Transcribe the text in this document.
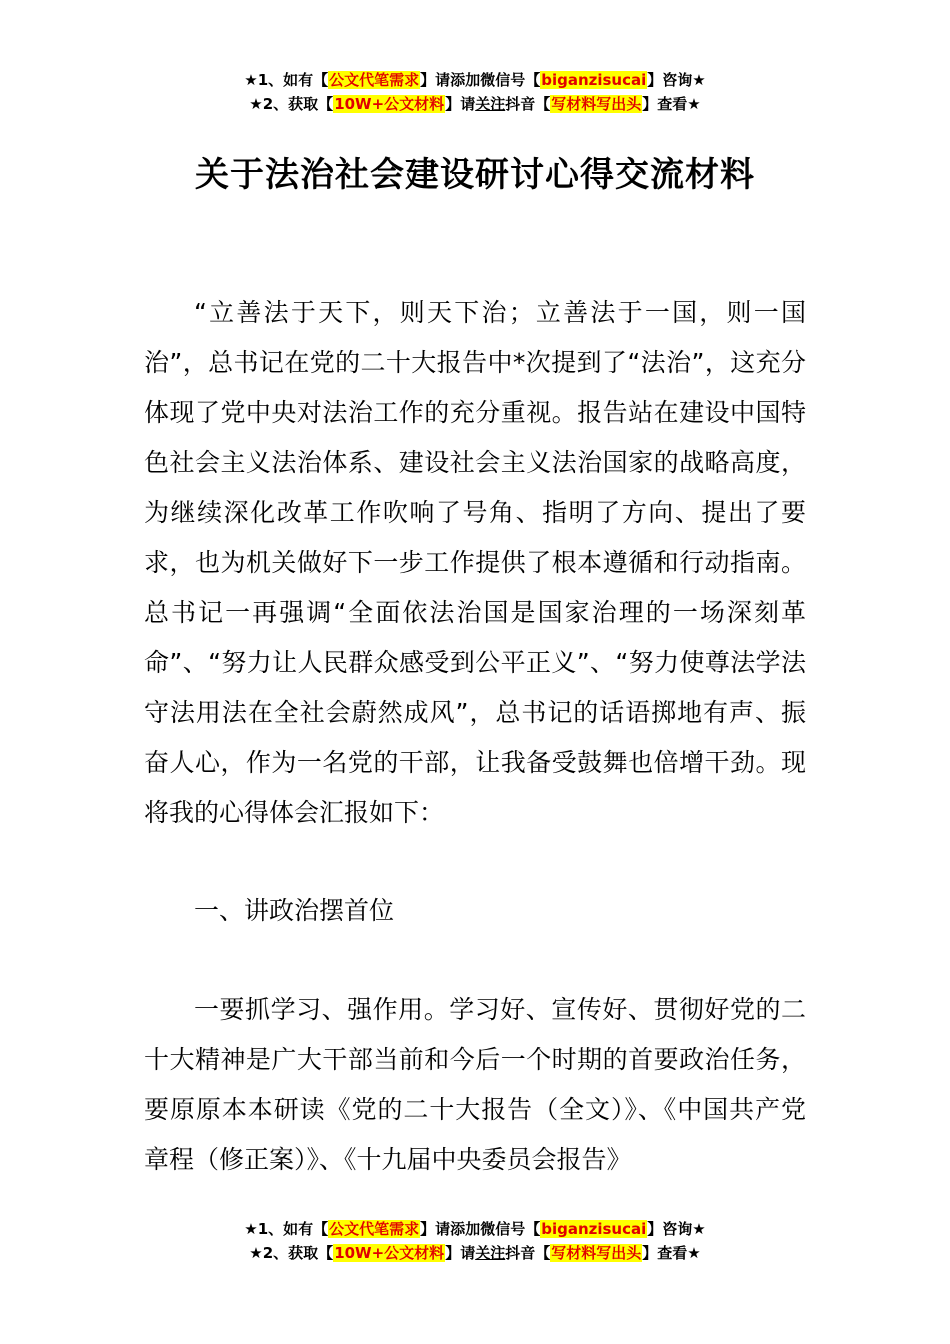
★1、如有【公文代笔需求】请添加微信号【biganzisucai】咨询★
★2、获取【10W+公文材料】请关注抖音【写材料写出头】查看★
关于法治社会建设研讨心得交流材料

“立善法于天下，则天下治；立善法于一国，则一国治”，总书记在党的二十大报告中*次提到了“法治”，这充分体现了党中央对法治工作的充分重视。报告站在建设中国特色社会主义法治体系、建设社会主义法治国家的战略高度，为继续深化改革工作吹响了号角、指明了方向、提出了要求，也为机关做好下一步工作提供了根本遵循和行动指南。总书记一再强调“全面依法治国是国家治理的一场深刻革命”、“努力让人民群众感受到公平正义”、“努力使尊法学法守法用法在全社会蔚然成风”，总书记的话语掷地有声、振奋人心，作为一名党的干部，让我备受鼓舞也倍增干劲。现将我的心得体会汇报如下：

一、讲政治摆首位

一要抓学习、强作用。学习好、宣传好、贯彻好党的二十大精神是广大干部当前和今后一个时期的首要政治任务，要原原本本研读《党的二十大报告（全文）》、《中国共产党章程（修正案）》、《十九届中央委员会报告》

★1、如有【公文代笔需求】请添加微信号【biganzisucai】咨询★
★2、获取【10W+公文材料】请关注抖音【写材料写出头】查看★
